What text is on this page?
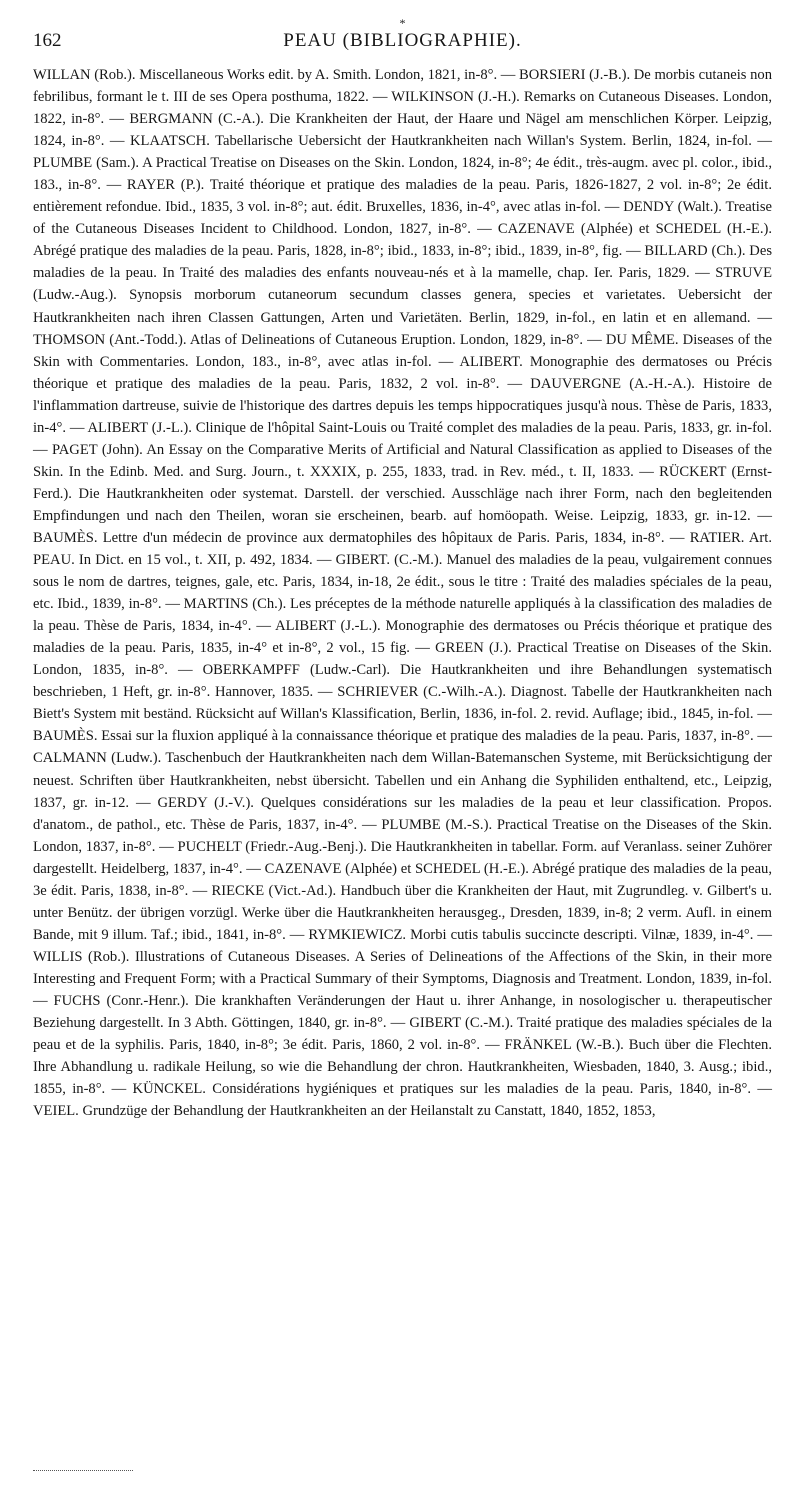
*
162	PEAU (BIBLIOGRAPHIE).

WILLAN (Rob.). Miscellaneous Works edit. by A. Smith. London, 1821, in-8°. — BORSIERI (J.-B.). De morbis cutaneis non febrilibus, formant le t. III de ses Opera posthuma, 1822. — WILKINSON (J.-H.). Remarks on Cutaneous Diseases. London, 1822, in-8°. — BERGMANN (C.-A.). Die Krankheiten der Haut, der Haare und Nägel am menschlichen Körper. Leipzig, 1824, in-8°. — KLAATSCH. Tabellarische Uebersicht der Hautkrankheiten nach Willan's System. Berlin, 1824, in-fol. — PLUMBE (Sam.). A Practical Treatise on Diseases on the Skin. London, 1824, in-8°; 4e édit., très-augm. avec pl. color., ibid., 183., in-8°. — RAYER (P.). Traité théorique et pratique des maladies de la peau. Paris, 1826-1827, 2 vol. in-8°; 2e édit. entièrement refondue. Ibid., 1835, 3 vol. in-8°; aut. édit. Bruxelles, 1836, in-4°, avec atlas in-fol. — DENDY (Walt.). Treatise of the Cutaneous Diseases Incident to Childhood. London, 1827, in-8°. — CAZENAVE (Alphée) et SCHEDEL (H.-E.). Abrégé pratique des maladies de la peau. Paris, 1828, in-8°; ibid., 1833, in-8°; ibid., 1839, in-8°, fig. — BILLARD (Ch.). Des maladies de la peau. In Traité des maladies des enfants nouveau-nés et à la mamelle, chap. Ier. Paris, 1829. — STRUVE (Ludw.-Aug.). Synopsis morborum cutaneorum secundum classes genera, species et varietates. Uebersicht der Hautkrankheiten nach ihren Classen Gattungen, Arten und Varietäten. Berlin, 1829, in-fol., en latin et en allemand. — THOMSON (Ant.-Todd.). Atlas of Delineations of Cutaneous Eruption. London, 1829, in-8°. — DU MÊME. Diseases of the Skin with Commentaries. London, 183., in-8°, avec atlas in-fol. — ALIBERT. Monographie des dermatoses ou Précis théorique et pratique des maladies de la peau. Paris, 1832, 2 vol. in-8°. — DAUVERGNE (A.-H.-A.). Histoire de l'inflammation dartreuse, suivie de l'historique des dartres depuis les temps hippocratiques jusqu'à nous. Thèse de Paris, 1833, in-4°. — ALIBERT (J.-L.). Clinique de l'hôpital Saint-Louis ou Traité complet des maladies de la peau. Paris, 1833, gr. in-fol. — PAGET (John). An Essay on the Comparative Merits of Artificial and Natural Classification as applied to Diseases of the Skin. In the Edinb. Med. and Surg. Journ., t. XXXIX, p. 255, 1833, trad. in Rev. méd., t. II, 1833. — RÜCKERT (Ernst-Ferd.). Die Hautkrankheiten oder systemat. Darstell. der verschied. Ausschläge nach ihrer Form, nach den begleitenden Empfindungen und nach den Theilen, woran sie erscheinen, bearb. auf homöopath. Weise. Leipzig, 1833, gr. in-12. — BAUMÈS. Lettre d'un médecin de province aux dermatophiles des hôpitaux de Paris. Paris, 1834, in-8°. — RATIER. Art. PEAU. In Dict. en 15 vol., t. XII, p. 492, 1834. — GIBERT. (C.-M.). Manuel des maladies de la peau, vulgairement connues sous le nom de dartres, teignes, gale, etc. Paris, 1834, in-18, 2e édit., sous le titre : Traité des maladies spéciales de la peau, etc. Ibid., 1839, in-8°. — MARTINS (Ch.). Les préceptes de la méthode naturelle appliqués à la classification des maladies de la peau. Thèse de Paris, 1834, in-4°. — ALIBERT (J.-L.). Monographie des dermatoses ou Précis théorique et pratique des maladies de la peau. Paris, 1835, in-4° et in-8°, 2 vol., 15 fig. — GREEN (J.). Practical Treatise on Diseases of the Skin. London, 1835, in-8°. — OBERKAMPFF (Ludw.-Carl). Die Hautkrankheiten und ihre Behandlungen systematisch beschrieben, 1 Heft, gr. in-8°. Hannover, 1835. — SCHRIEVER (C.-Wilh.-A.). Diagnost. Tabelle der Hautkrankheiten nach Biett's System mit beständ. Rücksicht auf Willan's Klassification, Berlin, 1836, in-fol. 2. revid. Auflage; ibid., 1845, in-fol. — BAUMÈS. Essai sur la fluxion appliqué à la connaissance théorique et pratique des maladies de la peau. Paris, 1837, in-8°. — CALMANN (Ludw.). Taschenbuch der Hautkrankheiten nach dem Willan-Batemanschen Systeme, mit Berücksichtigung der neuest. Schriften über Hautkrankheiten, nebst übersicht. Tabellen und ein Anhang die Syphiliden enthaltend, etc., Leipzig, 1837, gr. in-12. — GERDY (J.-V.). Quelques considérations sur les maladies de la peau et leur classification. Propos. d'anatom., de pathol., etc. Thèse de Paris, 1837, in-4°. — PLUMBE (M.-S.). Practical Treatise on the Diseases of the Skin. London, 1837, in-8°. — PUCHELT (Friedr.-Aug.-Benj.). Die Hautkrankheiten in tabellar. Form. auf Veranlass. seiner Zuhörer dargestellt. Heidelberg, 1837, in-4°. — CAZENAVE (Alphée) et SCHEDEL (H.-E.). Abrégé pratique des maladies de la peau, 3e édit. Paris, 1838, in-8°. — RIECKE (Vict.-Ad.). Handbuch über die Krankheiten der Haut, mit Zugrundleg. v. Gilbert's u. unter Benütz. der übrigen vorzügl. Werke über die Hautkrankheiten herausgeg., Dresden, 1839, in-8; 2 verm. Aufl. in einem Bande, mit 9 illum. Taf.; ibid., 1841, in-8°. — RYMKIEWICZ. Morbi cutis tabulis succincte descripti. Vilnæ, 1839, in-4°. — WILLIS (Rob.). Illustrations of Cutaneous Diseases. A Series of Delineations of the Affections of the Skin, in their more Interesting and Frequent Form; with a Practical Summary of their Symptoms, Diagnosis and Treatment. London, 1839, in-fol. — FUCHS (Conr.-Henr.). Die krankhaften Veränderungen der Haut u. ihrer Anhange, in nosologischer u. therapeutischer Beziehung dargestellt. In 3 Abth. Göttingen, 1840, gr. in-8°. — GIBERT (C.-M.). Traité pratique des maladies spéciales de la peau et de la syphilis. Paris, 1840, in-8°; 3e édit. Paris, 1860, 2 vol. in-8°. — FRÄNKEL (W.-B.). Buch über die Flechten. Ihre Abhandlung u. radikale Heilung, so wie die Behandlung der chron. Hautkrankheiten, Wiesbaden, 1840, 3. Ausg.; ibid., 1855, in-8°. — KÜNCKEL. Considérations hygiéniques et pratiques sur les maladies de la peau. Paris, 1840, in-8°. — VEIEL. Grundzüge der Behandlung der Hautkrankheiten an der Heilanstalt zu Canstatt, 1840, 1852, 1853,
